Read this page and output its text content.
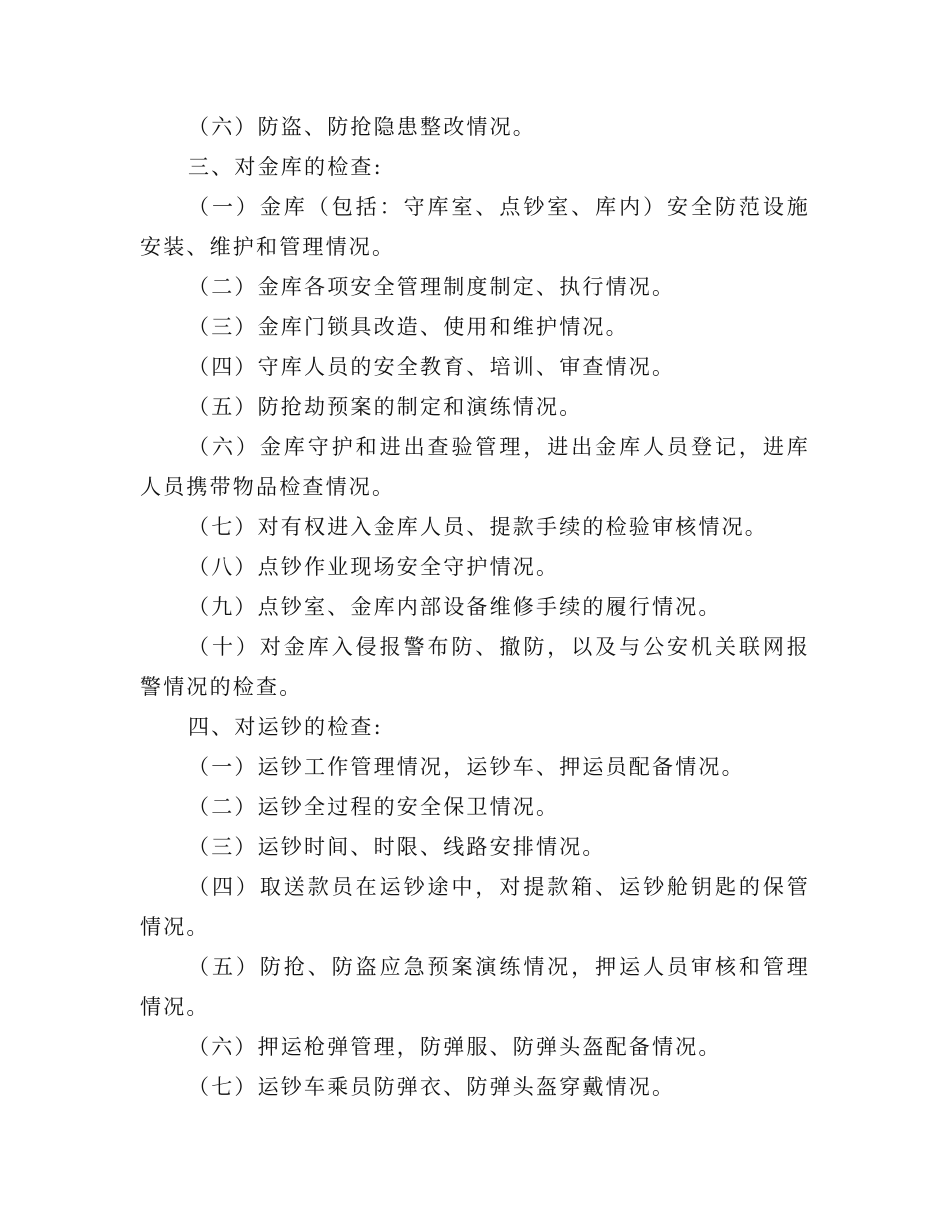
（六）防盗、防抢隐患整改情况。

三、对金库的检查:

（一）金库（包括：守库室、点钞室、库内）安全防范设施安装、维护和管理情况。

（二）金库各项安全管理制度制定、执行情况。

（三）金库门锁具改造、使用和维护情况。

（四）守库人员的安全教育、培训、审查情况。

（五）防抢劫预案的制定和演练情况。

（六）金库守护和进出查验管理，进出金库人员登记，进库人员携带物品检查情况。

（七）对有权进入金库人员、提款手续的检验审核情况。

（八）点钞作业现场安全守护情况。

（九）点钞室、金库内部设备维修手续的履行情况。

（十）对金库入侵报警布防、撤防，以及与公安机关联网报警情况的检查。

四、对运钞的检查:

（一）运钞工作管理情况，运钞车、押运员配备情况。

（二）运钞全过程的安全保卫情况。

（三）运钞时间、时限、线路安排情况。

（四）取送款员在运钞途中，对提款箱、运钞舱钥匙的保管情况。

（五）防抢、防盗应急预案演练情况，押运人员审核和管理情况。

（六）押运枪弹管理，防弹服、防弹头盔配备情况。

（七）运钞车乘员防弹衣、防弹头盔穿戴情况。
